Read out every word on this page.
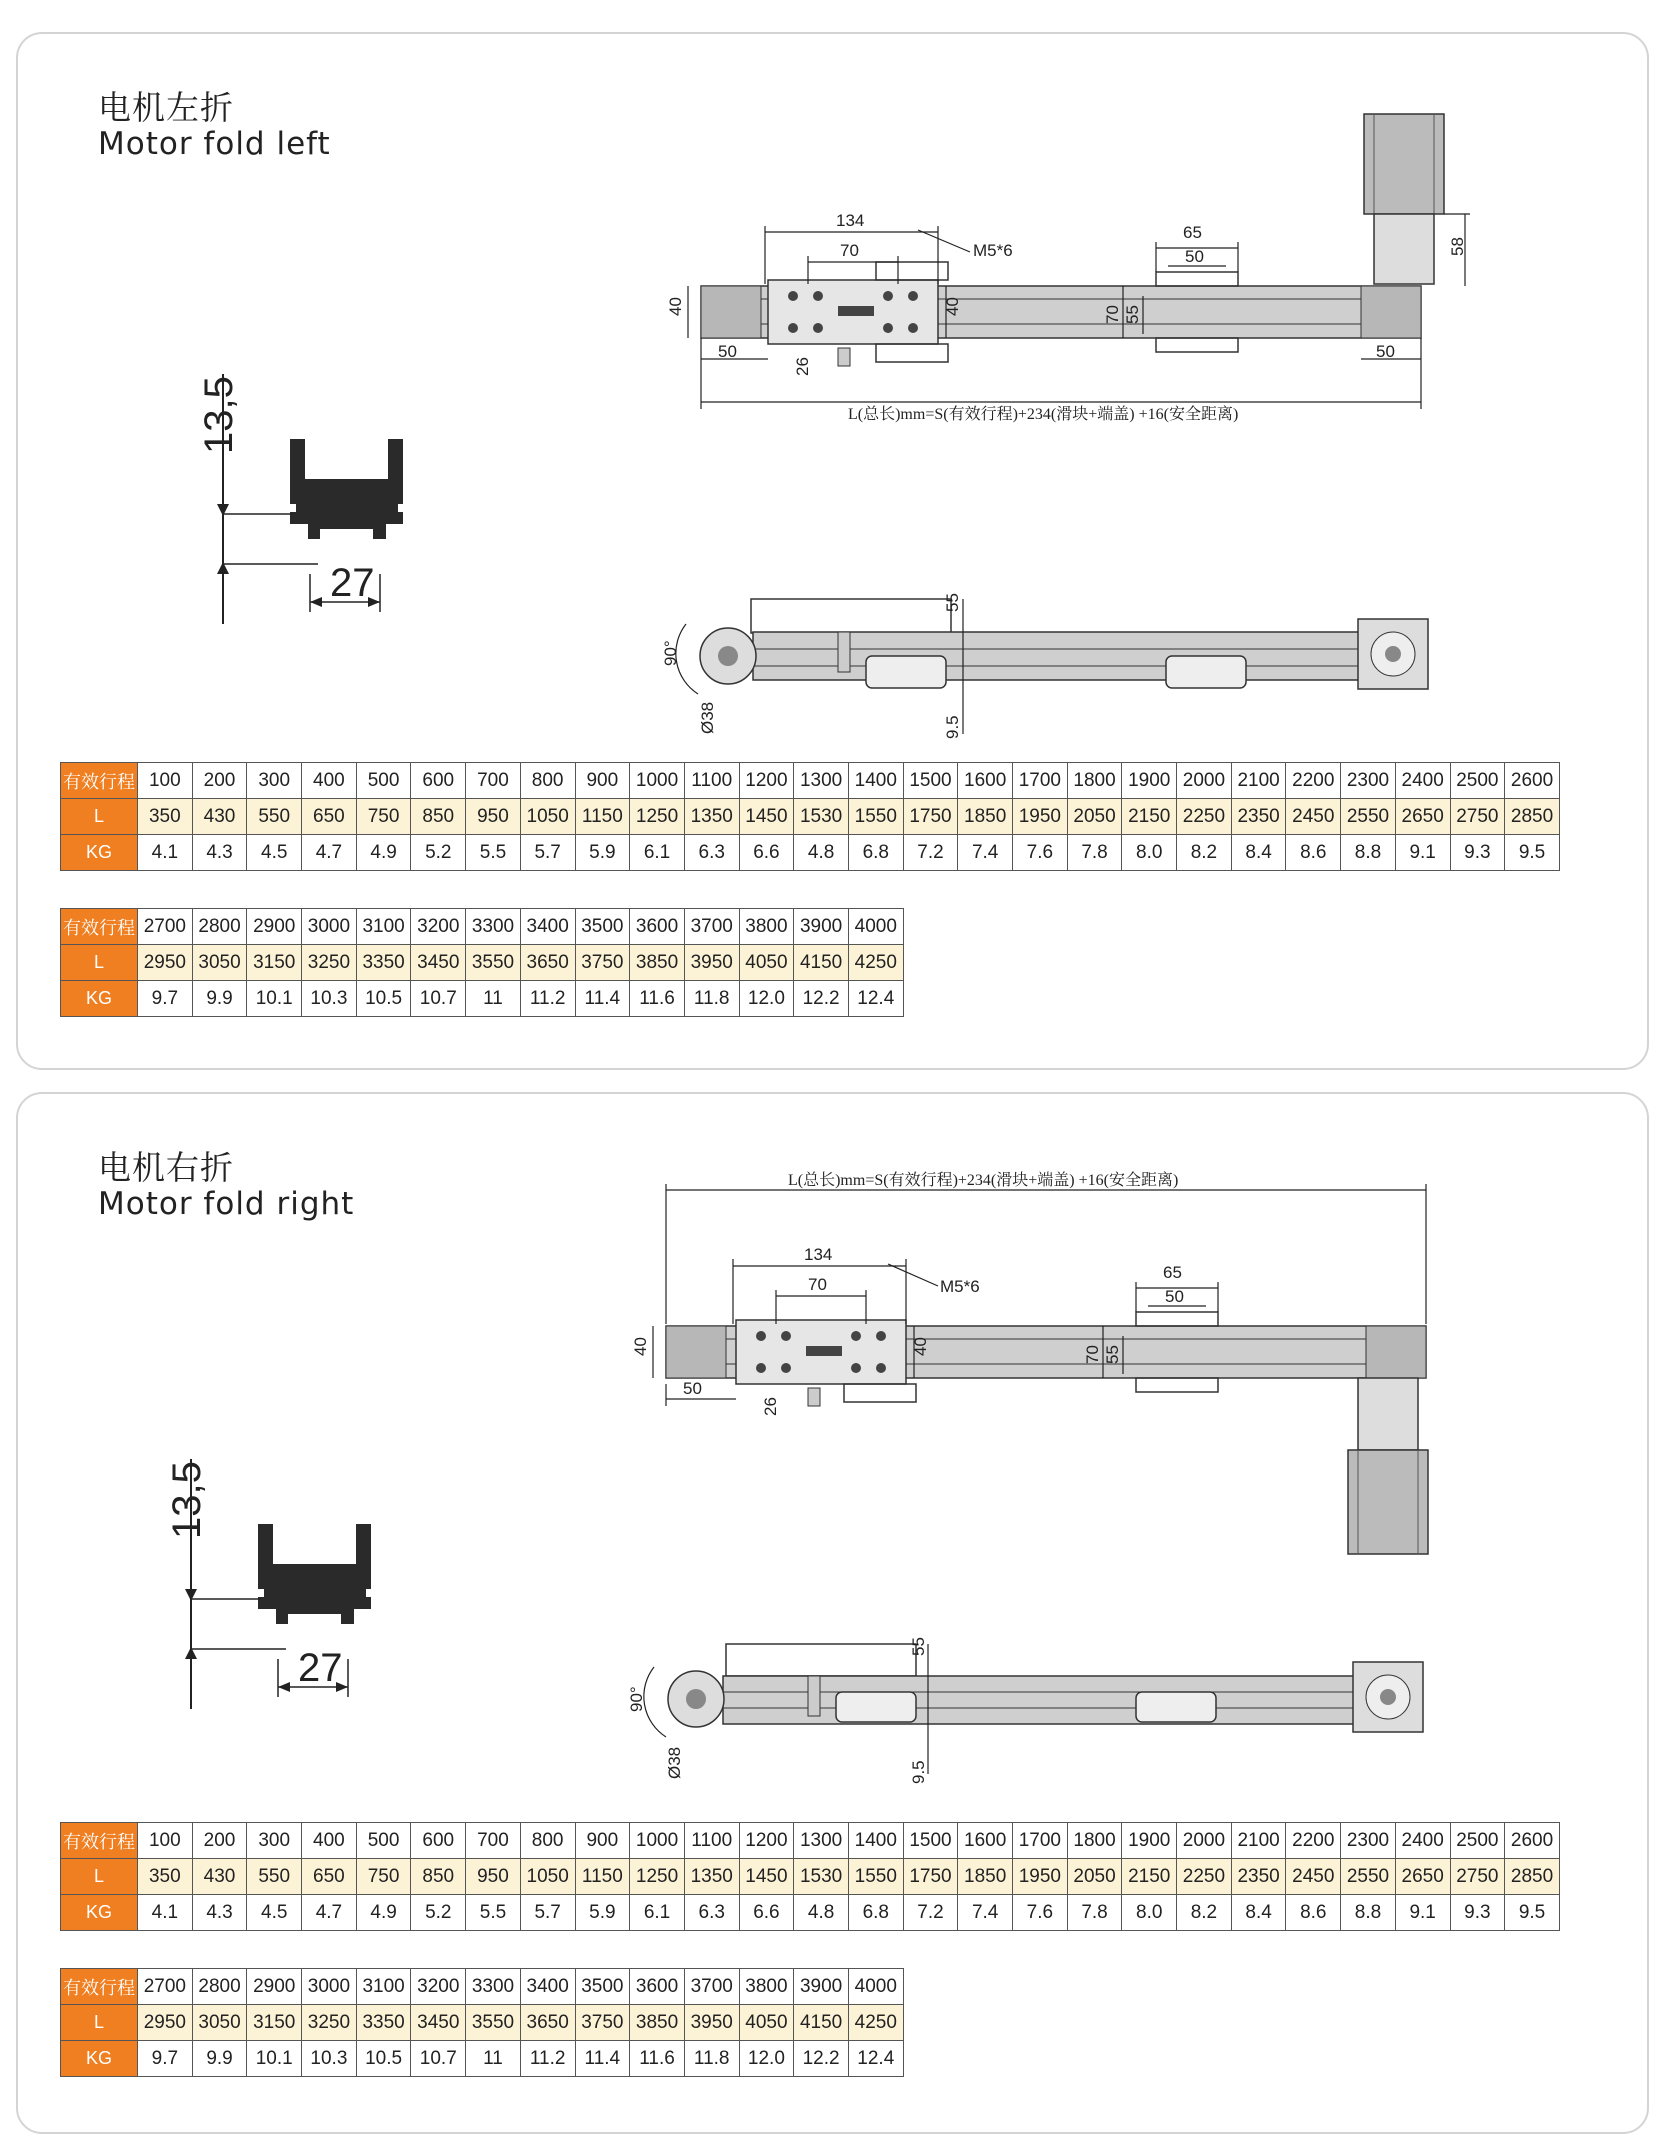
电机左折
Motor fold left
13,5
27
134
70	M5*6
65
50
40	40	70 55
58
50	50
26
L(总长)mm=S(有效行程)+234(滑块+端盖) +16(安全距离)
55
9.5
90°
Ø38
有效行程	100	200	300	400	500	600	700	800	900	1000	1100	1200	1300	1400	1500	1600	1700	1800	1900	2000	2100	2200	2300	2400	2500	2600
L	350	430	550	650	750	850	950	1050	1150	1250	1350	1450	1530	1550	1750	1850	1950	2050	2150	2250	2350	2450	2550	2650	2750	2850
KG	4.1	4.3	4.5	4.7	4.9	5.2	5.5	5.7	5.9	6.1	6.3	6.6	4.8	6.8	7.2	7.4	7.6	7.8	8.0	8.2	8.4	8.6	8.8	9.1	9.3	9.5
有效行程	2700	2800	2900	3000	3100	3200	3300	3400	3500	3600	3700	3800	3900	4000
L	2950	3050	3150	3250	3350	3450	3550	3650	3750	3850	3950	4050	4150	4250
KG	9.7	9.9	10.1	10.3	10.5	10.7	11	11.2	11.4	11.6	11.8	12.0	12.2	12.4
电机右折
Motor fold right
13,5
27
L(总长)mm=S(有效行程)+234(滑块+端盖) +16(安全距离)
134
70	M5*6
65
50
40	40	70 55
50
26
55
9.5
90°
Ø38
有效行程	100	200	300	400	500	600	700	800	900	1000	1100	1200	1300	1400	1500	1600	1700	1800	1900	2000	2100	2200	2300	2400	2500	2600
L	350	430	550	650	750	850	950	1050	1150	1250	1350	1450	1530	1550	1750	1850	1950	2050	2150	2250	2350	2450	2550	2650	2750	2850
KG	4.1	4.3	4.5	4.7	4.9	5.2	5.5	5.7	5.9	6.1	6.3	6.6	4.8	6.8	7.2	7.4	7.6	7.8	8.0	8.2	8.4	8.6	8.8	9.1	9.3	9.5
有效行程	2700	2800	2900	3000	3100	3200	3300	3400	3500	3600	3700	3800	3900	4000
L	2950	3050	3150	3250	3350	3450	3550	3650	3750	3850	3950	4050	4150	4250
KG	9.7	9.9	10.1	10.3	10.5	10.7	11	11.2	11.4	11.6	11.8	12.0	12.2	12.4
